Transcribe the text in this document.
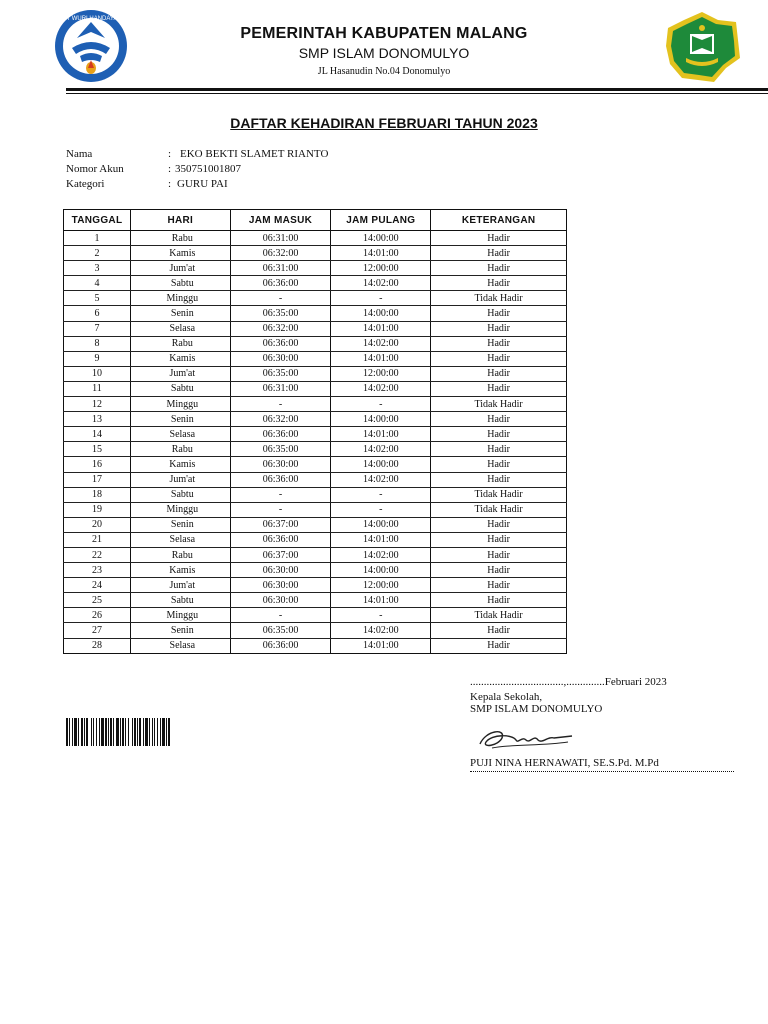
TUT WURI HANDAYANI
PEMERINTAH KABUPATEN MALANG
SMP ISLAM DONOMULYO
JL Hasanudin No.04 Donomulyo
DAFTAR KEHADIRAN FEBRUARI TAHUN 2023
Nama	: EKO BEKTI SLAMET RIANTO
Nomor Akun	: 350751001807
Kategori	: GURU PAI
TANGGAL	HARI	JAM MASUK	JAM PULANG	KETERANGAN
1	Rabu	06:31:00	14:00:00	Hadir
2	Kamis	06:32:00	14:01:00	Hadir
3	Jum'at	06:31:00	12:00:00	Hadir
4	Sabtu	06:36:00	14:02:00	Hadir
5	Minggu	-	-	Tidak Hadir
6	Senin	06:35:00	14:00:00	Hadir
7	Selasa	06:32:00	14:01:00	Hadir
8	Rabu	06:36:00	14:02:00	Hadir
9	Kamis	06:30:00	14:01:00	Hadir
10	Jum'at	06:35:00	12:00:00	Hadir
11	Sabtu	06:31:00	14:02:00	Hadir
12	Minggu	-	-	Tidak Hadir
13	Senin	06:32:00	14:00:00	Hadir
14	Selasa	06:36:00	14:01:00	Hadir
15	Rabu	06:35:00	14:02:00	Hadir
16	Kamis	06:30:00	14:00:00	Hadir
17	Jum'at	06:36:00	14:02:00	Hadir
18	Sabtu	-	-	Tidak Hadir
19	Minggu	-	-	Tidak Hadir
20	Senin	06:37:00	14:00:00	Hadir
21	Selasa	06:36:00	14:01:00	Hadir
22	Rabu	06:37:00	14:02:00	Hadir
23	Kamis	06:30:00	14:00:00	Hadir
24	Jum'at	06:30:00	12:00:00	Hadir
25	Sabtu	06:30:00	14:01:00	Hadir
26	Minggu	-	-	Tidak Hadir
27	Senin	06:35:00	14:02:00	Hadir
28	Selasa	06:36:00	14:01:00	Hadir
..................................,..............Februari 2023
Kepala Sekolah,
SMP ISLAM DONOMULYO
PUJI NINA HERNAWATI, SE.S.Pd. M.Pd
